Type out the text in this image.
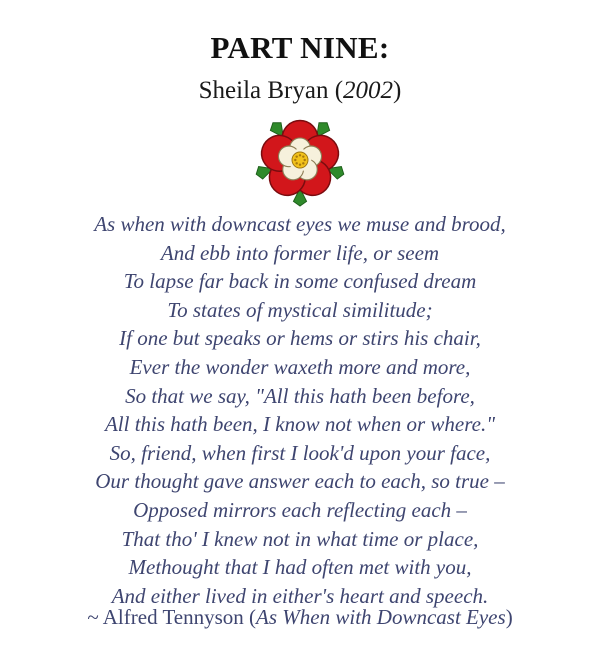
PART NINE:
Sheila Bryan (2002)
As when with downcast eyes we muse and brood,
And ebb into former life, or seem
To lapse far back in some confused dream
To states of mystical similitude;
If one but speaks or hems or stirs his chair,
Ever the wonder waxeth more and more,
So that we say, "All this hath been before,
All this hath been, I know not when or where."
So, friend, when first I look'd upon your face,
Our thought gave answer each to each, so true –
Opposed mirrors each reflecting each –
That tho' I knew not in what time or place,
Methought that I had often met with you,
And either lived in either's heart and speech.
~ Alfred Tennyson (As When with Downcast Eyes)
